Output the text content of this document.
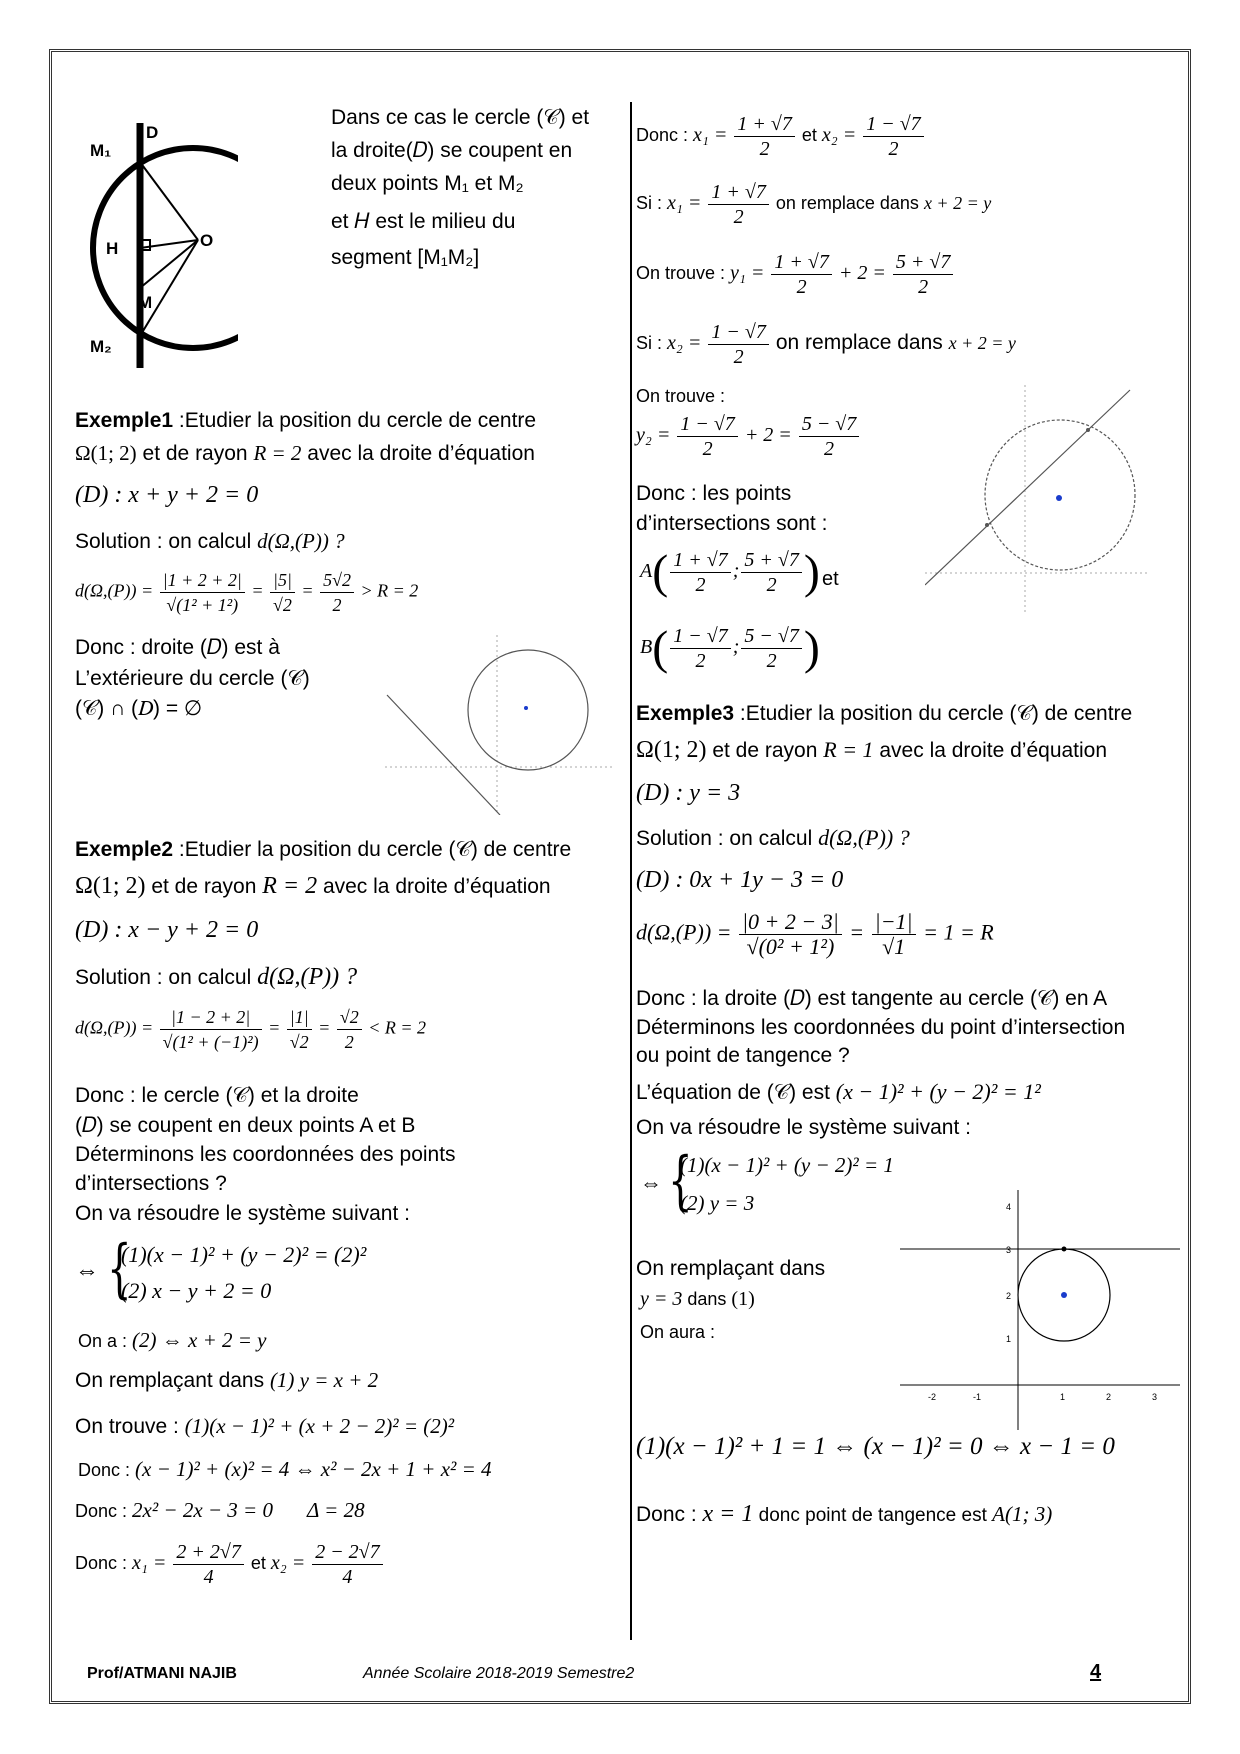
D
M₁
H	O
M
M₂
Dans ce cas le cercle (𝒞) et
la droite(𝐷) se coupent en
deux points M₁ et M₂
et 𝐻 est le milieu du
segment [M₁M₂]
Exemple1 :Etudier la position du cercle de centre
Ω(1; 2) et de rayon R = 2 avec la droite d’équation
(D) : x + y + 2 = 0
Solution : on calcul d(Ω,(P)) ?
$d(\Omega,(P)) = \frac{|1 + 2 + 2|}{\text{√(1² + 1²)}} = \frac{|5|}{√2} = \frac{5√2}{2} > R = 2$
Donc : droite (𝐷) est à
L’extérieure du cercle (𝒞)
(𝒞) ∩ (𝐷) = ∅
Exemple2 :Etudier la position du cercle (𝒞) de centre
Ω(1; 2) et de rayon R = 2 avec la droite d’équation
(D) : x − y + 2 = 0
Solution : on calcul d(Ω,(P)) ?
$d(\Omega,(P)) = \frac{|1 - 2 + 2|}{\text{√(1² + (−1)²)}} = \frac{|1|}{√2} = \frac{√2}{2} < R = 2$
Donc : le cercle (𝒞) et la droite
(𝐷) se coupent en deux points A et B
Déterminons les coordonnées des points
d’intersections ?
On va résoudre le système suivant :
⇔ {
(1)(x − 1)² + (y − 2)² = (2)²
(2) x − y + 2 = 0
On a : (2) ⇔ x + 2 = y
On remplaçant dans (1) y = x + 2
On trouve : (1)(x − 1)² + (x + 2 − 2)² = (2)²
Donc : (x − 1)² + (x)² = 4 ⇔ x² − 2x + 1 + x² = 4
Donc : 2x² − 2x − 3 = 0 Δ = 28
Donc : $x_1 = \frac{2 + 2√7}{4}$ et $x_2 = \frac{2 - 2√7}{4}$
Donc : $x_1 = \frac{1 + √7}{2}$ et $x_2 = \frac{1 - √7}{2}$
Si : $x_1 = \frac{1 + √7}{2}$ on remplace dans x + 2 = y
On trouve : $y_1 = \frac{1 + √7}{2} + 2 = \frac{5 + √7}{2}$
Si : $x_2 = \frac{1 - √7}{2}$ on remplace dans x + 2 = y
On trouve :
$y_2 = \frac{1 - √7}{2} + 2 = \frac{5 - √7}{2}$
Donc : les points
d’intersections sont :
$A( \frac{1 + √7}{2}$ ; $\frac{5 + √7}{2}$ ) et
$B( \frac{1 - √7}{2}$ ; $\frac{5 - √7}{2}$ )
Exemple3 :Etudier la position du cercle (𝒞) de centre
Ω(1; 2) et de rayon R = 1 avec la droite d’équation
(D) : y = 3
Solution : on calcul d(Ω,(P)) ?
(D) : 0x + 1y − 3 = 0
$d(\Omega,(P)) = \frac{|0 + 2 - 3|}{\text{√(0² + 1²)}} = \frac{|-1|}{√1} = 1 = R$
Donc : la droite (𝐷) est tangente au cercle (𝒞) en A
Déterminons les coordonnées du point d’intersection
ou point de tangence ?
L’équation de (𝒞) est (x − 1)² + (y − 2)² = 1²
On va résoudre le système suivant :
⇔ {
(1)(x − 1)² + (y − 2)² = 1
(2) y = 3
On remplaçant dans
y = 3 dans (1)
On aura :
4
3
2
1
-2	-1	1	2	3
(1)(x − 1)² + 1 = 1 ⇔ (x − 1)² = 0 ⇔ x − 1 = 0
Donc : x = 1 donc point de tangence est A(1; 3)
Prof/ATMANI NAJIB	Année Scolaire 2018-2019 Semestre2	4
